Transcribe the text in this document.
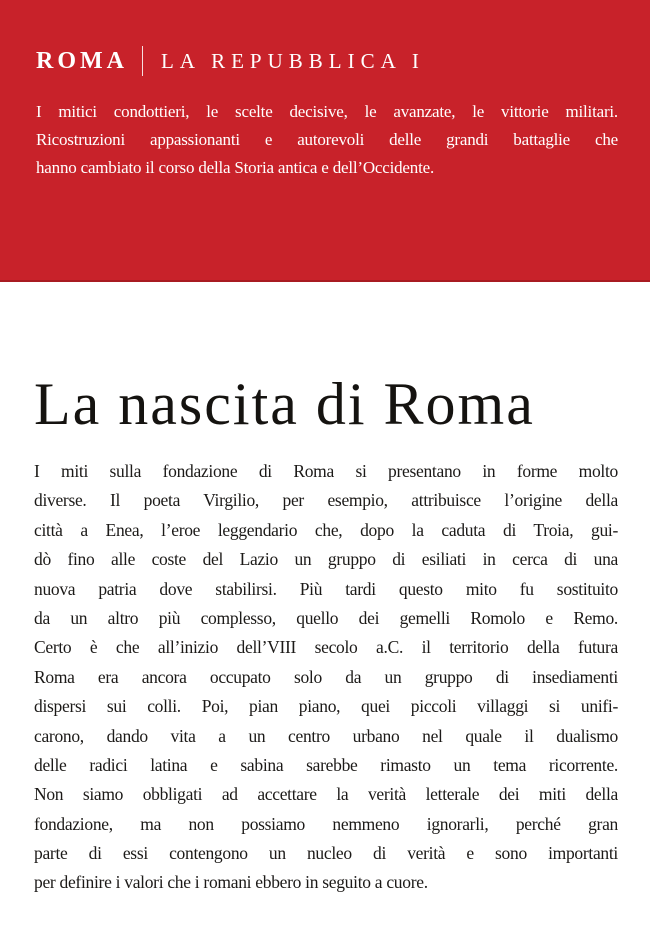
ROMA LA REPUBBLICA I
I mitici condottieri, le scelte decisive, le avanzate, le vittorie militari.
Ricostruzioni appassionanti e autorevoli delle grandi battaglie che
hanno cambiato il corso della Storia antica e dell’Occidente.
La nascita di Roma
I miti sulla fondazione di Roma si presentano in forme molto
diverse. Il poeta Virgilio, per esempio, attribuisce l’origine della
città a Enea, l’eroe leggendario che, dopo la caduta di Troia, gui-
dò fino alle coste del Lazio un gruppo di esiliati in cerca di una
nuova patria dove stabilirsi. Più tardi questo mito fu sostituito
da un altro più complesso, quello dei gemelli Romolo e Remo.
Certo è che all’inizio dell’VIII secolo a.C. il territorio della futura
Roma era ancora occupato solo da un gruppo di insediamenti
dispersi sui colli. Poi, pian piano, quei piccoli villaggi si unifi-
carono, dando vita a un centro urbano nel quale il dualismo
delle radici latina e sabina sarebbe rimasto un tema ricorrente.
Non siamo obbligati ad accettare la verità letterale dei miti della
fondazione, ma non possiamo nemmeno ignorarli, perché gran
parte di essi contengono un nucleo di verità e sono importanti
per definire i valori che i romani ebbero in seguito a cuore.
